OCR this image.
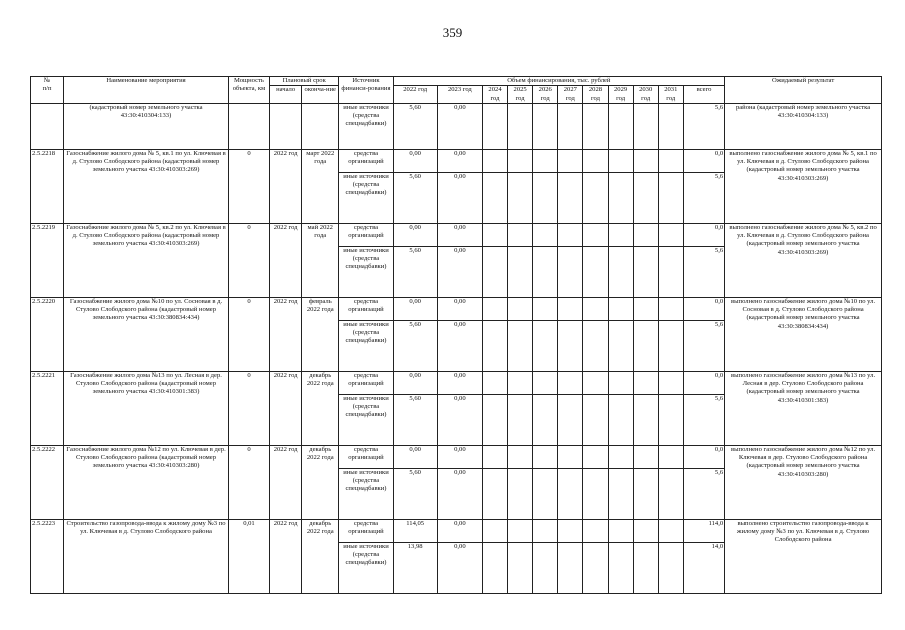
359
№
п/п	Наименование мероприятия	Мощность объекта, км	Плановый срок		Источник финанси-рования	Объем финансирования, тыс. рублей											Ожидаемый результат
			начало	оконча-ние		2022 год	2023 год	2024 год	2025 год	2026 год	2027 год	2028 год	2029 год	2030 год	2031 год	всего	
	(кадастровый номер земельного участка 43:30:410304:133)				иные источники (средства спецнадбавки)	5,60	0,00									5,6	района (кадастровый номер земельного участка 43:30:410304:133)
2.5.2218	Газоснабжение жилого дома № 5, кв.1 по ул. Ключевая в д. Стулово Слободского района (кадастровый номер земельного участка 43:30:410303:269)	0	2022 год	март 2022 года	средства организаций	0,00	0,00									0,0	выполнено газоснабжение жилого дома № 5, кв.1 по ул. Ключевая в д. Стулово Слободского района (кадастровый номер земельного участка 43:30:410303:269)
					иные источники (средства спецнадбавки)	5,60	0,00									5,6	
2.5.2219	Газоснабжение жилого дома № 5, кв.2 по ул. Ключевая в д. Стулово Слободского района (кадастровый номер земельного участка 43:30:410303:269)	0	2022 год	май 2022 года	средства организаций	0,00	0,00									0,0	выполнено газоснабжение жилого дома № 5, кв.2 по ул. Ключевая в д. Стулово Слободского района (кадастровый номер земельного участка 43:30:410303:269)
					иные источники (средства спецнадбавки)	5,60	0,00									5,6	
2.5.2220	Газоснабжение жилого дома №10 по ул. Сосновая в д. Стулово Слободского района (кадастровый номер земельного участка 43:30:380834:434)	0	2022 год	февраль 2022 года	средства организаций	0,00	0,00									0,0	выполнено газоснабжение жилого дома №10 по ул. Сосновая в д. Стулово Слободского района (кадастровый номер земельного участка 43:30:380834:434)
					иные источники (средства спецнадбавки)	5,60	0,00									5,6	
2.5.2221	Газоснабжение жилого дома №13 по ул. Лесная в дер. Стулово Слободского района (кадастровый номер земельного участка 43:30:410301:383)	0	2022 год	декабрь 2022 года	средства организаций	0,00	0,00									0,0	выполнено газоснабжение жилого дома №13 по ул. Лесная в дер. Стулово Слободского района (кадастровый номер земельного участка 43:30:410301:383)
					иные источники (средства спецнадбавки)	5,60	0,00									5,6	
2.5.2222	Газоснабжение жилого дома №12 по ул. Ключевая в дер. Стулово Слободского района (кадастровый номер земельного участка 43:30:410303:280)	0	2022 год	декабрь 2022 года	средства организаций	0,00	0,00									0,0	выполнено газоснабжение жилого дома №12 по ул. Ключевая в дер. Стулово Слободского района (кадастровый номер земельного участка 43:30:410303:280)
					иные источники (средства спецнадбавки)	5,60	0,00									5,6	
2.5.2223	Строительство газопровода-ввода к жилому дому №3 по ул. Ключевая в д. Стулово Слободского района	0,01	2022 год	декабрь 2022 года	средства организаций	114,05	0,00									114,0	выполнено строительство газопровода-ввода к жилому дому №3 по ул. Ключевая в д. Стулово Слободского района
					иные источники (средства спецнадбавки)	13,98	0,00									14,0	
